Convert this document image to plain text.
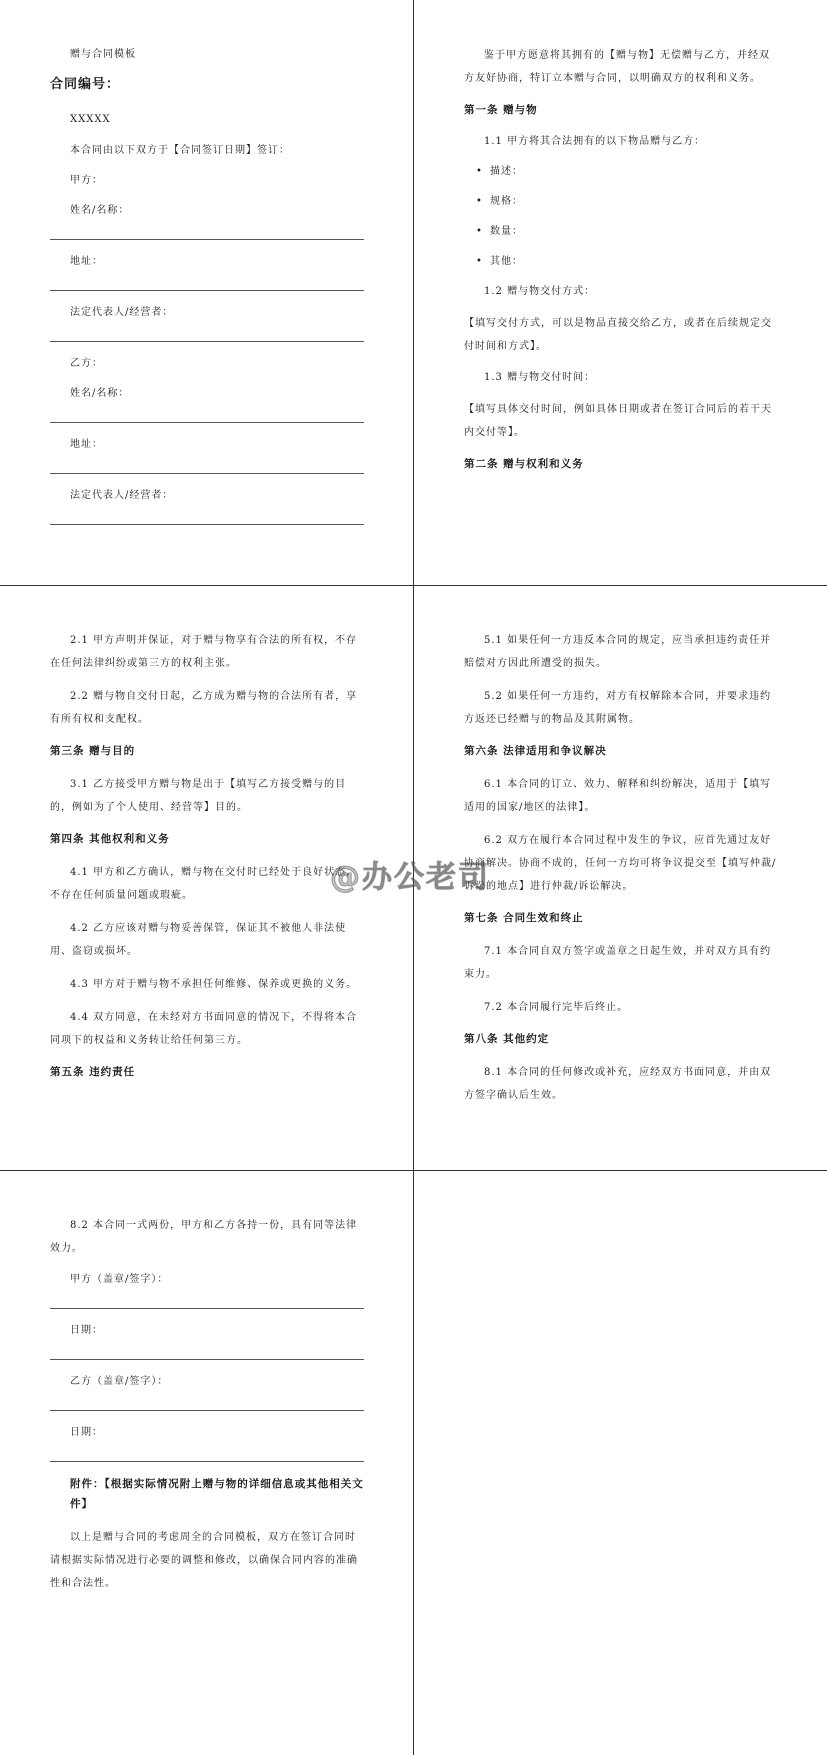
赠与合同模板

合同编号：

XXXXX

本合同由以下双方于【合同签订日期】签订：

甲方：

姓名/名称：

地址：

法定代表人/经营者：

乙方：

姓名/名称：

地址：

法定代表人/经营者：

鉴于甲方愿意将其拥有的【赠与物】无偿赠与乙方，并经双方友好协商，特订立本赠与合同，以明确双方的权利和义务。

第一条 赠与物

1.1 甲方将其合法拥有的以下物品赠与乙方：

• 描述：

• 规格：

• 数量：

• 其他：

1.2 赠与物交付方式：

【填写交付方式，可以是物品直接交给乙方，或者在后续规定交付时间和方式】。

1.3 赠与物交付时间：

【填写具体交付时间，例如具体日期或者在签订合同后的若干天内交付等】。

第二条 赠与权利和义务

2.1 甲方声明并保证，对于赠与物享有合法的所有权，不存在任何法律纠纷或第三方的权利主张。

2.2 赠与物自交付日起，乙方成为赠与物的合法所有者，享有所有权和支配权。

第三条 赠与目的

3.1 乙方接受甲方赠与物是出于【填写乙方接受赠与的目的，例如为了个人使用、经营等】目的。

第四条 其他权利和义务

4.1 甲方和乙方确认，赠与物在交付时已经处于良好状态，不存在任何质量问题或瑕疵。

4.2 乙方应该对赠与物妥善保管，保证其不被他人非法使用、盗窃或损坏。

4.3 甲方对于赠与物不承担任何维修、保养或更换的义务。

4.4 双方同意，在未经对方书面同意的情况下，不得将本合同项下的权益和义务转让给任何第三方。

第五条 违约责任

5.1 如果任何一方违反本合同的规定，应当承担违约责任并赔偿对方因此所遭受的损失。

5.2 如果任何一方违约，对方有权解除本合同，并要求违约方返还已经赠与的物品及其附属物。

第六条 法律适用和争议解决

6.1 本合同的订立、效力、解释和纠纷解决，适用于【填写适用的国家/地区的法律】。

6.2 双方在履行本合同过程中发生的争议，应首先通过友好协商解决。协商不成的，任何一方均可将争议提交至【填写仲裁/诉讼的地点】进行仲裁/诉讼解决。

第七条 合同生效和终止

7.1 本合同自双方签字或盖章之日起生效，并对双方具有约束力。

7.2 本合同履行完毕后终止。

第八条 其他约定

8.1 本合同的任何修改或补充，应经双方书面同意，并由双方签字确认后生效。

8.2 本合同一式两份，甲方和乙方各持一份，具有同等法律效力。

甲方（盖章/签字）：

日期：

乙方（盖章/签字）：

日期：

附件：【根据实际情况附上赠与物的详细信息或其他相关文件】

以上是赠与合同的考虑周全的合同模板，双方在签订合同时请根据实际情况进行必要的调整和修改，以确保合同内容的准确性和合法性。

@办公老司
